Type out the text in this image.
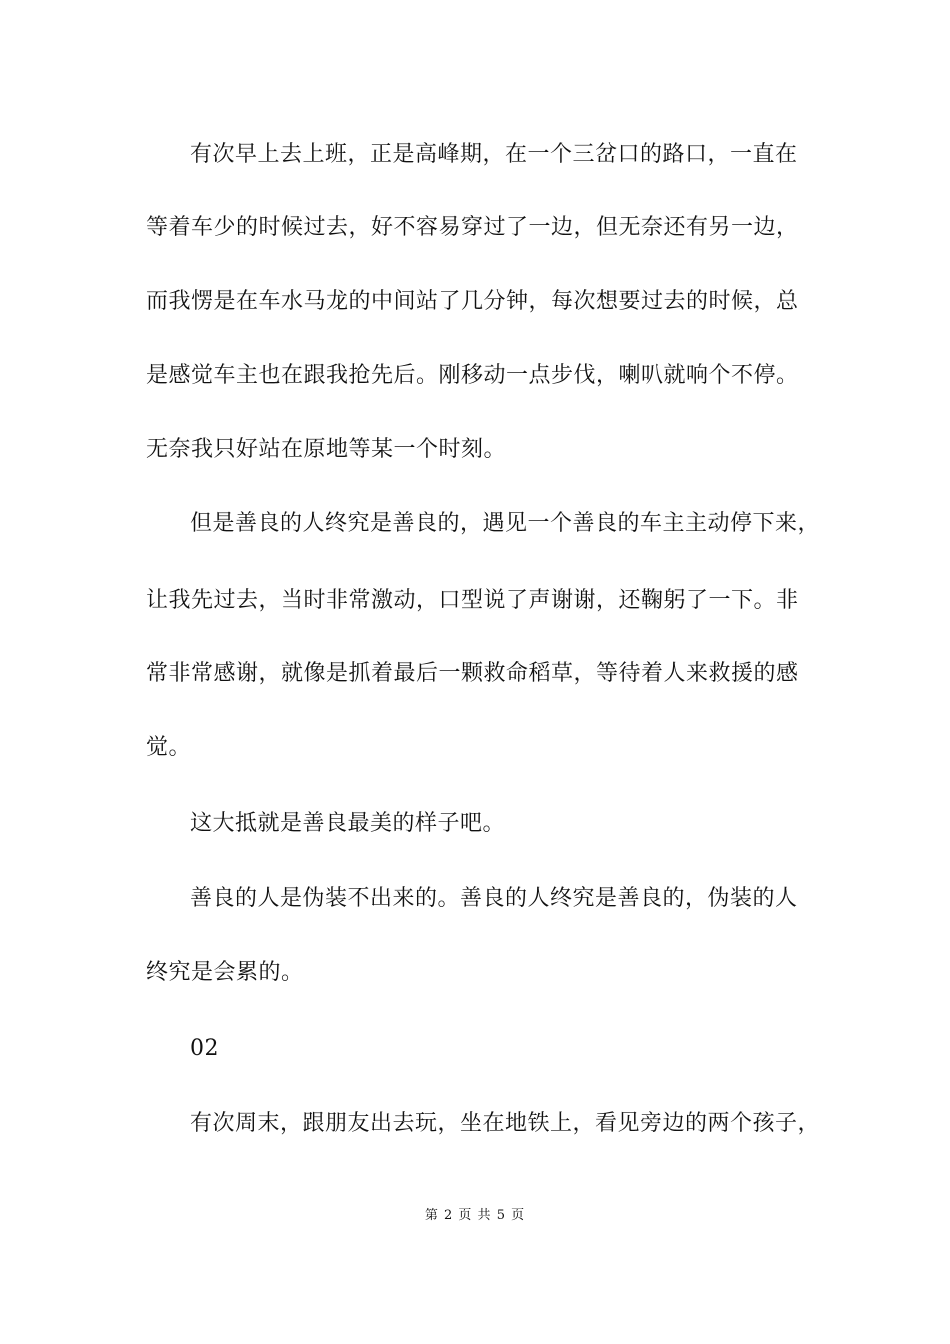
有次早上去上班，正是高峰期，在一个三岔口的路口，一直在
等着车少的时候过去，好不容易穿过了一边，但无奈还有另一边，
而我愣是在车水马龙的中间站了几分钟，每次想要过去的时候，总
是感觉车主也在跟我抢先后。刚移动一点步伐，喇叭就响个不停。
无奈我只好站在原地等某一个时刻。
但是善良的人终究是善良的，遇见一个善良的车主主动停下来，
让我先过去，当时非常激动，口型说了声谢谢，还鞠躬了一下。非
常非常感谢，就像是抓着最后一颗救命稻草，等待着人来救援的感
觉。
这大抵就是善良最美的样子吧。
善良的人是伪装不出来的。善良的人终究是善良的，伪装的人
终究是会累的。
02
有次周末，跟朋友出去玩，坐在地铁上，看见旁边的两个孩子，
第 2 页 共 5 页
